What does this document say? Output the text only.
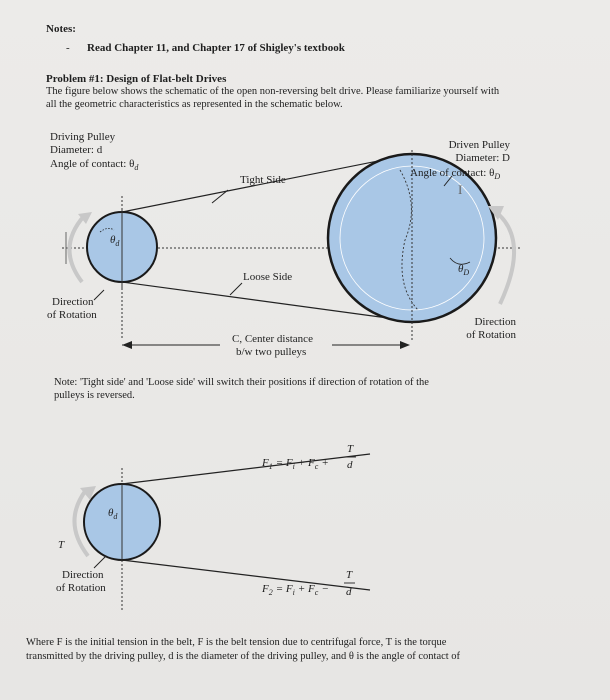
Notes:
- Read Chapter 11, and Chapter 17 of Shigley's textbook
Problem #1: Design of Flat-belt Drives
The figure below shows the schematic of the open non-reversing belt drive. Please familiarize yourself with
all the geometric characteristics as represented in the schematic below.
I
Driving Pulley
Diameter: d
Angle of contact: $\theta_d$
Driven Pulley
Diameter: D
Angle of contact: $\theta_D$
Tight Side
Loose Side
$\theta_d$
$\theta_D$
Direction
of Rotation
Direction
of Rotation
C, Center distance
b/w two pulleys
$F_1 = F_i + F_c$ +
T
d
$F_2 = F_i + F_c$ −
T
d
T
$\theta_d$
Direction
of Rotation
Note: 'Tight side' and 'Loose side' will switch their positions if direction of rotation of the
pulleys is reversed.
Where F is the initial tension in the belt, F is the belt tension due to centrifugal force, T is the torque
transmitted by the driving pulley, d is the diameter of the driving pulley, and θ is the angle of contact of
